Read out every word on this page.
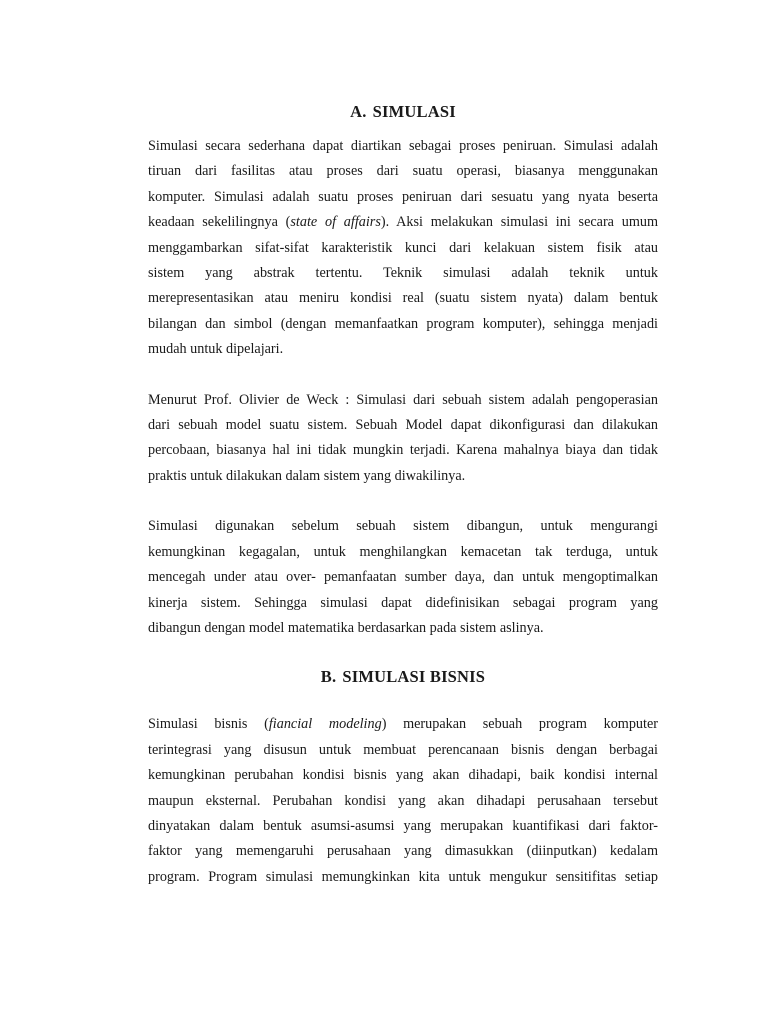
A. SIMULASI

Simulasi secara sederhana dapat diartikan sebagai proses peniruan. Simulasi adalah
tiruan dari fasilitas atau proses dari suatu operasi, biasanya menggunakan
komputer. Simulasi adalah suatu proses peniruan dari sesuatu yang nyata beserta
keadaan sekelilingnya (state of affairs). Aksi melakukan simulasi ini secara umum
menggambarkan sifat-sifat karakteristik kunci dari kelakuan sistem fisik atau
sistem yang abstrak tertentu. Teknik simulasi adalah teknik untuk
merepresentasikan atau meniru kondisi real (suatu sistem nyata) dalam bentuk
bilangan dan simbol (dengan memanfaatkan program komputer), sehingga menjadi
mudah untuk dipelajari.

Menurut Prof. Olivier de Weck : Simulasi dari sebuah sistem adalah pengoperasian
dari sebuah model suatu sistem. Sebuah Model dapat dikonfigurasi dan dilakukan
percobaan, biasanya hal ini tidak mungkin terjadi. Karena mahalnya biaya dan tidak
praktis untuk dilakukan dalam sistem yang diwakilinya.

Simulasi digunakan sebelum sebuah sistem dibangun, untuk mengurangi
kemungkinan kegagalan, untuk menghilangkan kemacetan tak terduga, untuk
mencegah under atau over- pemanfaatan sumber daya, dan untuk mengoptimalkan
kinerja sistem. Sehingga simulasi dapat didefinisikan sebagai program yang
dibangun dengan model matematika berdasarkan pada sistem aslinya.

B. SIMULASI BISNIS

Simulasi bisnis (fiancial modeling) merupakan sebuah program komputer
terintegrasi yang disusun untuk membuat perencanaan bisnis dengan berbagai
kemungkinan perubahan kondisi bisnis yang akan dihadapi, baik kondisi internal
maupun eksternal. Perubahan kondisi yang akan dihadapi perusahaan tersebut
dinyatakan dalam bentuk asumsi-asumsi yang merupakan kuantifikasi dari faktor-
faktor yang memengaruhi perusahaan yang dimasukkan (diinputkan) kedalam
program. Program simulasi memungkinkan kita untuk mengukur sensitifitas setiap
